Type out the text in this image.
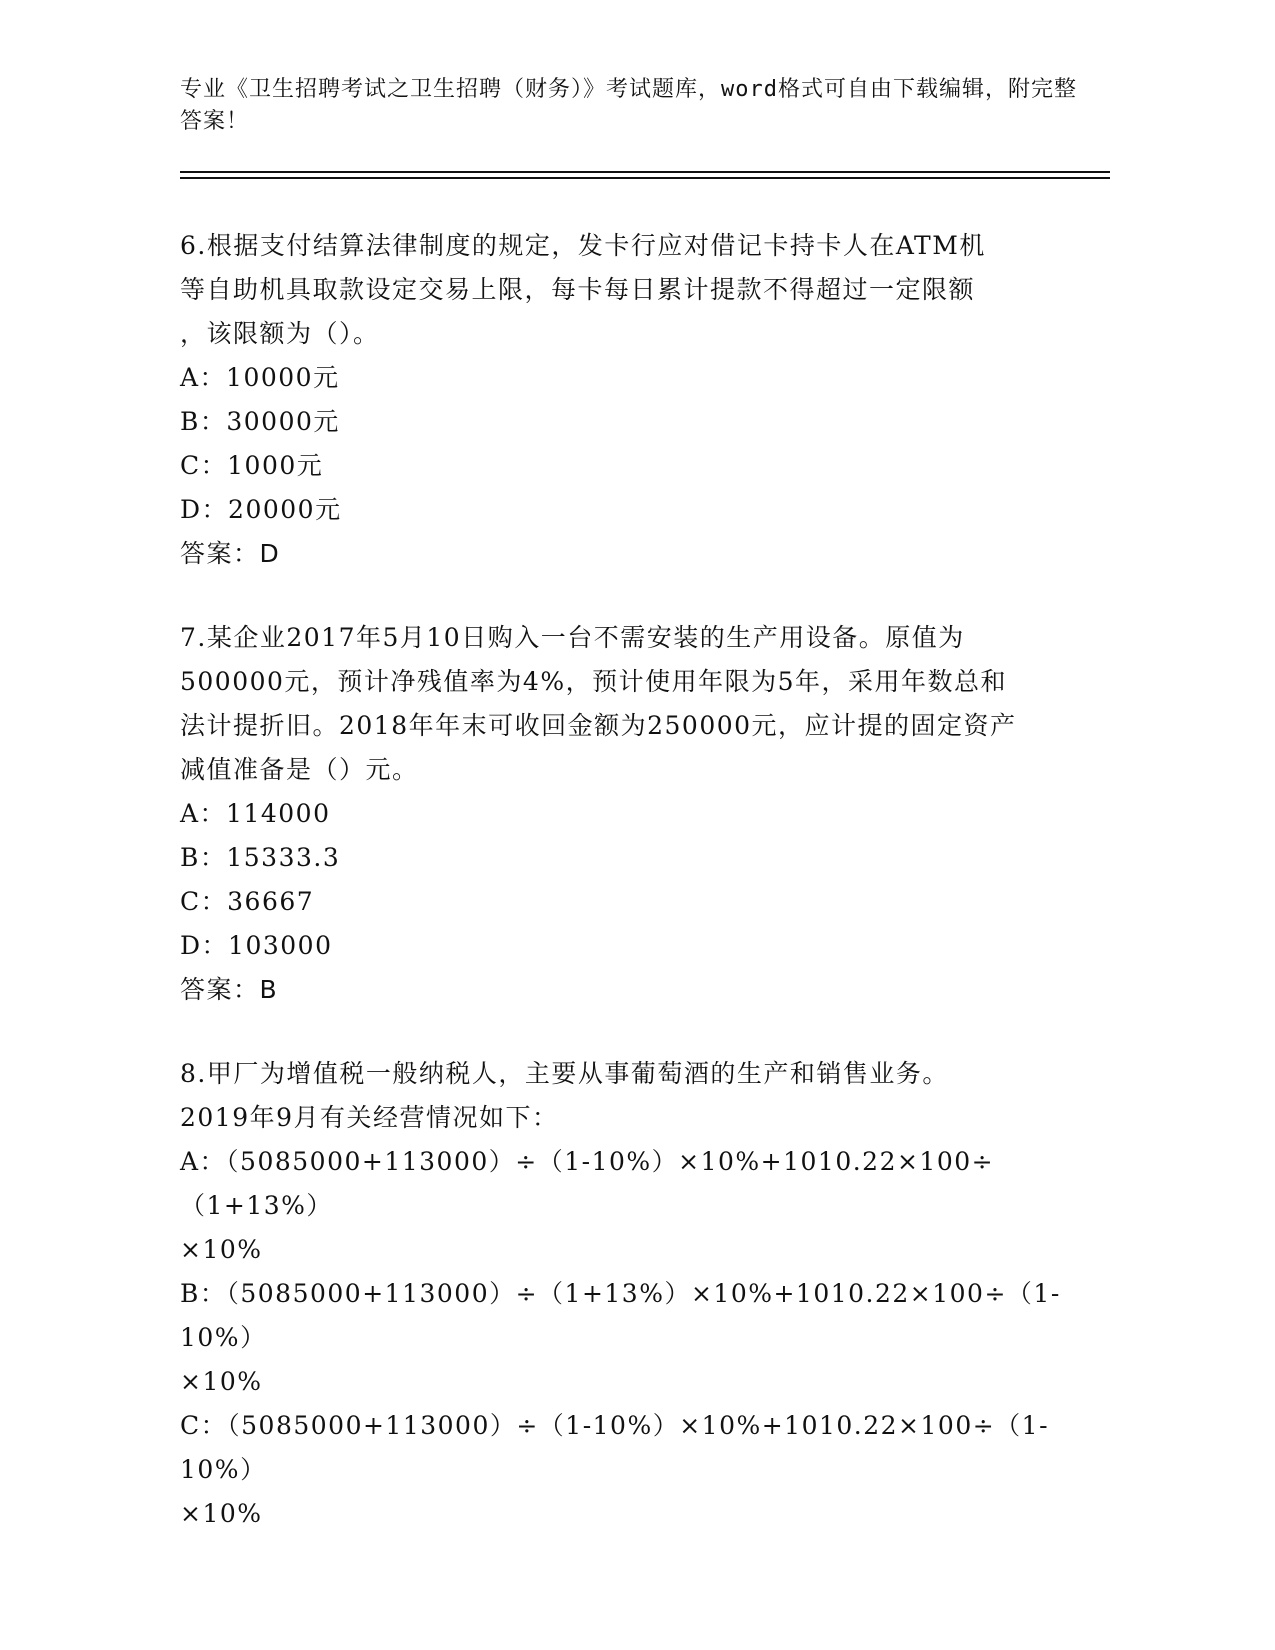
专业《卫生招聘考试之卫生招聘（财务）》考试题库，word格式可自由下载编辑，附完整答案！

6.根据支付结算法律制度的规定，发卡行应对借记卡持卡人在ATM机

等自助机具取款设定交易上限，每卡每日累计提款不得超过一定限额

，该限额为（）。

A：10000元

B：30000元

C：1000元

D：20000元

答案：D

7.某企业2017年5月10日购入一台不需安装的生产用设备。原值为

500000元，预计净残值率为4%，预计使用年限为5年，采用年数总和

法计提折旧。2018年年末可收回金额为250000元，应计提的固定资产

减值准备是（）元。

A：114000

B：15333.3

C：36667

D：103000

答案：B

8.甲厂为增值税一般纳税人，主要从事葡萄酒的生产和销售业务。

2019年9月有关经营情况如下：

A：（5085000+113000）÷（1-10%）×10%+1010.22×100÷（1+13%）

×10%

B：（5085000+113000）÷（1+13%）×10%+1010.22×100÷（1-10%）

×10%

C：（5085000+113000）÷（1-10%）×10%+1010.22×100÷（1-10%）

×10%
